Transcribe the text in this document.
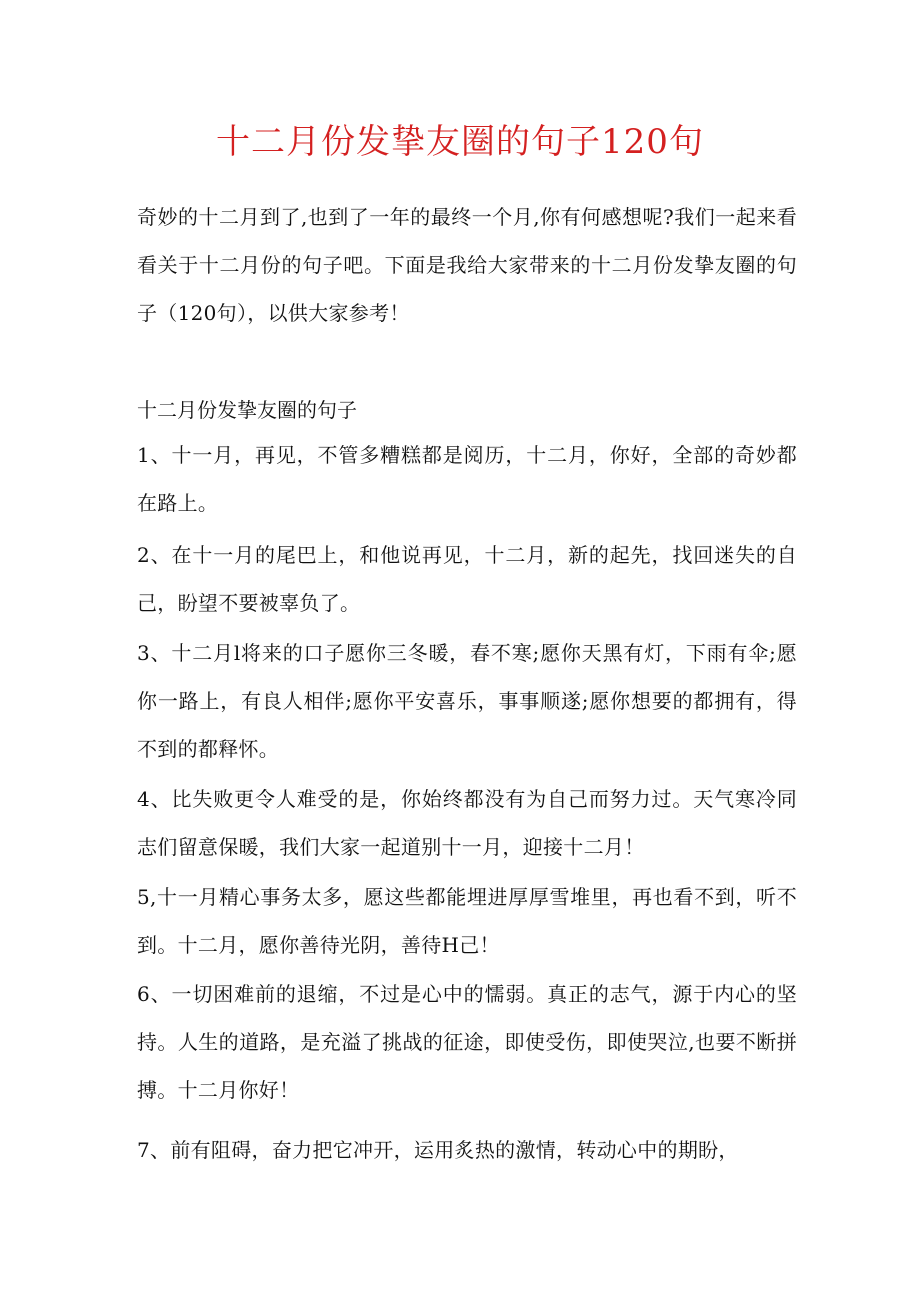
十二月份发挚友圈的句子120句

奇妙的十二月到了,也到了一年的最终一个月,你有何感想呢?我们一起来看看关于十二月份的句子吧。下面是我给大家带来的十二月份发挚友圈的句子（120句），以供大家参考！

十二月份发挚友圈的句子

1、十一月，再见，不管多糟糕都是阅历，十二月，你好，全部的奇妙都在路上。

2、在十一月的尾巴上，和他说再见，十二月，新的起先，找回迷失的自己，盼望不要被辜负了。

3、十二月l将来的口子愿你三冬暖，春不寒;愿你天黑有灯，下雨有伞;愿你一路上，有良人相伴;愿你平安喜乐，事事顺遂;愿你想要的都拥有，得不到的都释怀。

4、比失败更令人难受的是，你始终都没有为自己而努力过。天气寒冷同志们留意保暖，我们大家一起道别十一月，迎接十二月！

5,十一月精心事务太多，愿这些都能埋进厚厚雪堆里，再也看不到，听不到。十二月，愿你善待光阴，善待H己！

6、一切困难前的退缩，不过是心中的懦弱。真正的志气，源于内心的坚持。人生的道路，是充溢了挑战的征途，即使受伤，即使哭泣,也要不断拼搏。十二月你好！

7、前有阻碍，奋力把它冲开，运用炙热的激情，转动心中的期盼，
